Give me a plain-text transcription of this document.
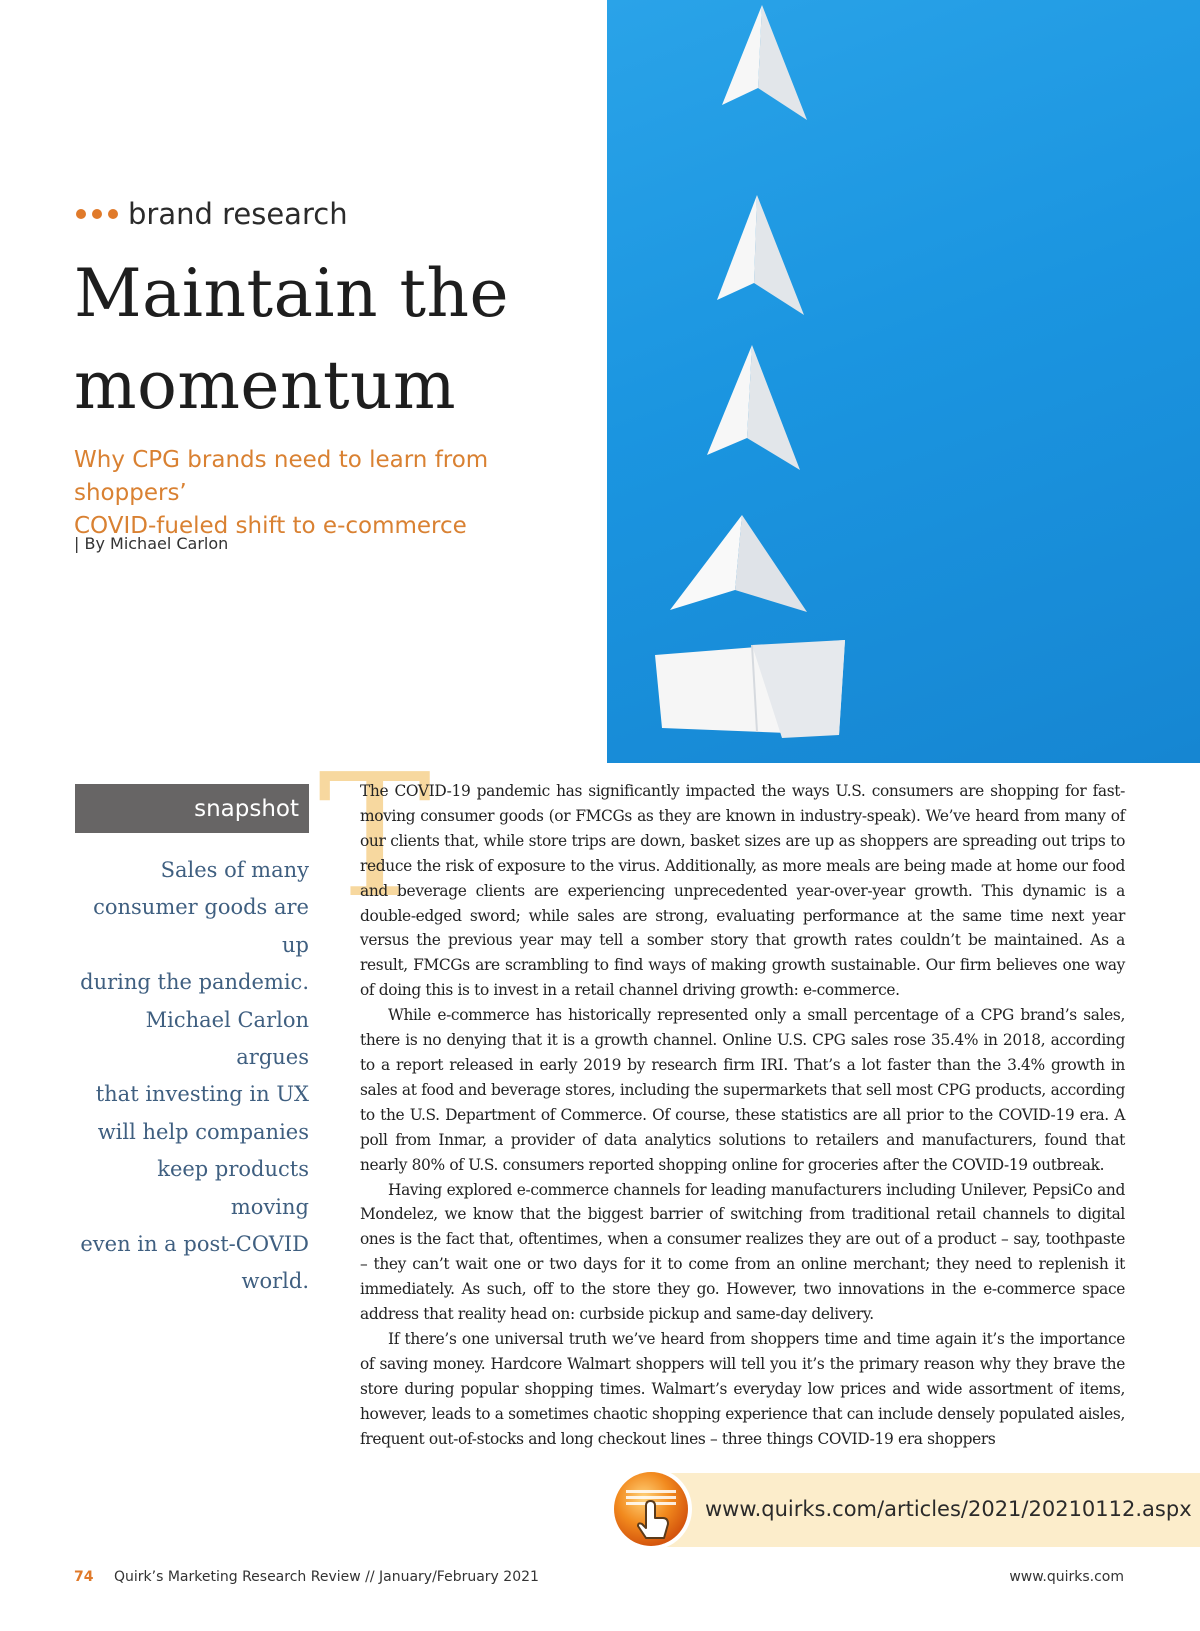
brand research
Maintain the
momentum
Why CPG brands need to learn from shoppers’
COVID-fueled shift to e-commerce
| By Michael Carlon
snapshot
Sales of many
consumer goods are up
during the pandemic.
Michael Carlon argues
that investing in UX
will help companies
keep products moving
even in a post-COVID
world.
T

The COVID-19 pandemic has significantly impacted the ways U.S. consumers are shopping for fast-moving consumer goods (or FMCGs as they are known in industry-speak). We’ve heard from many of our clients that, while store trips are down, basket sizes are up as shoppers are spreading out trips to reduce the risk of exposure to the virus. Additionally, as more meals are being made at home our food and beverage clients are experiencing unprecedented year-over-year growth. This dynamic is a double-edged sword; while sales are strong, evaluating performance at the same time next year versus the previous year may tell a somber story that growth rates couldn’t be maintained. As a result, FMCGs are scrambling to find ways of making growth sustainable. Our firm believes one way of doing this is to invest in a retail channel driving growth: e-commerce.

While e-commerce has historically represented only a small percentage of a CPG brand’s sales, there is no denying that it is a growth channel. Online U.S. CPG sales rose 35.4% in 2018, according to a report released in early 2019 by research firm IRI. That’s a lot faster than the 3.4% growth in sales at food and beverage stores, including the supermarkets that sell most CPG products, according to the U.S. Department of Commerce. Of course, these statistics are all prior to the COVID-19 era. A poll from Inmar, a provider of data analytics solutions to retailers and manufacturers, found that nearly 80% of U.S. consumers reported shopping online for groceries after the COVID-19 outbreak.

Having explored e-commerce channels for leading manufacturers including Unilever, PepsiCo and Mondelez, we know that the biggest barrier of switching from traditional retail channels to digital ones is the fact that, oftentimes, when a consumer realizes they are out of a product – say, toothpaste – they can’t wait one or two days for it to come from an online merchant; they need to replenish it immediately. As such, off to the store they go. However, two innovations in the e-commerce space address that reality head on: curbside pickup and same-day delivery.

If there’s one universal truth we’ve heard from shoppers time and time again it’s the importance of saving money. Hardcore Walmart shoppers will tell you it’s the primary reason why they brave the store during popular shopping times. Walmart’s everyday low prices and wide assortment of items, however, leads to a sometimes chaotic shopping experience that can include densely populated aisles, frequent out-of-stocks and long checkout lines – three things COVID-19 era shoppers

www.quirks.com/articles/2021/20210112.aspx
74 Quirk’s Marketing Research Review // January/February 2021	www.quirks.com
